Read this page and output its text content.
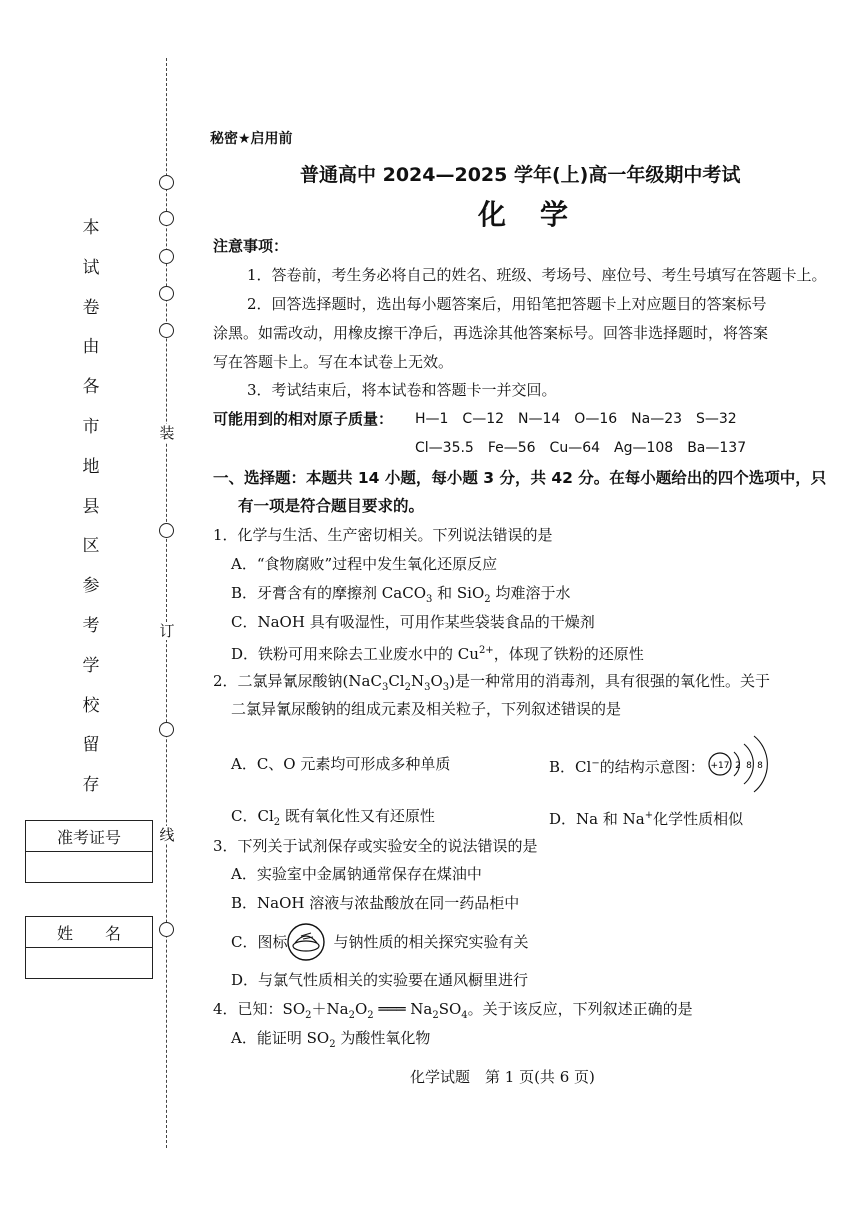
装
订
线
本
试
卷
由
各
市
地
县
区
参
考
学
校
留
存
准考证号
姓　　名
秘密★启用前
普通高中 2024—2025 学年(上)高一年级期中考试
化学
注意事项：
1．答卷前，考生务必将自己的姓名、班级、考场号、座位号、考生号填写在答题卡上。
2．回答选择题时，选出每小题答案后，用铅笔把答题卡上对应题目的答案标号
涂黑。如需改动，用橡皮擦干净后，再选涂其他答案标号。回答非选择题时，将答案
写在答题卡上。写在本试卷上无效。
3．考试结束后，将本试卷和答题卡一并交回。
可能用到的相对原子质量： H—1　C—12　N—14　O—16　Na—23　S—32
Cl—35.5　Fe—56　Cu—64　Ag—108　Ba—137
一、选择题：本题共 14 小题，每小题 3 分，共 42 分。在每小题给出的四个选项中，只
有一项是符合题目要求的。
1．化学与生活、生产密切相关。下列说法错误的是
A．“食物腐败”过程中发生氧化还原反应
B．牙膏含有的摩擦剂 CaCO$_3$ 和 SiO$_2$ 均难溶于水
C．NaOH 具有吸湿性，可用作某些袋装食品的干燥剂
D．铁粉可用来除去工业废水中的 $Cu^{2+}$，体现了铁粉的还原性
2．二氯异氰尿酸钠$(NaC_3Cl_2N_3O_3)$是一种常用的消毒剂，具有很强的氧化性。关于
二氯异氰尿酸钠的组成元素及相关粒子，下列叙述错误的是
A．C、O 元素均可形成多种单质	B．Cl−的结构示意图： +17 2 8 8
C．$Cl_2$ 既有氧化性又有还原性	D．Na 和 Na+化学性质相似
3．下列关于试剂保存或实验安全的说法错误的是
A．实验室中金属钠通常保存在煤油中
B．NaOH 溶液与浓盐酸放在同一药品柜中
C．图标	与钠性质的相关探究实验有关
D．与氯气性质相关的实验要在通风橱里进行
4．已知：$SO_2+Na_2O_2$ ═══ $Na_2SO_4$。关于该反应，下列叙述正确的是
A．能证明 $SO_2$ 为酸性氧化物
化学试题　第 1 页(共 6 页)
